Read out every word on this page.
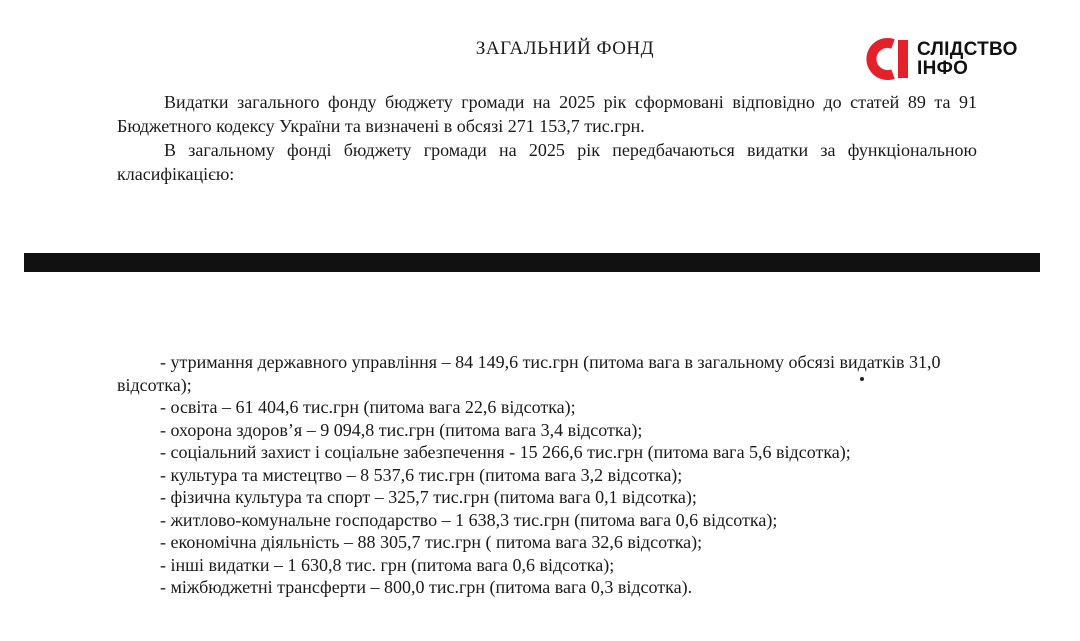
ЗАГАЛЬНИЙ ФОНД	СЛІДСТВО
ІНФО
Видатки загального фонду бюджету громади на 2025 рік сформовані відповідно до статей 89 та 91 Бюджетного кодексу України та визначені в обсязі 271 153,7 тис.грн.
В загальному фонді бюджету громади на 2025 рік передбачаються видатки за функціональною класифікацією:
- утримання державного управління – 84 149,6 тис.грн (питома вага в загальному обсязі видатків 31,0 відсотка);
- освіта – 61 404,6 тис.грн (питома вага 22,6 відсотка);
- охорона здоров’я – 9 094,8 тис.грн (питома вага 3,4 відсотка);
- соціальний захист і соціальне забезпечення - 15 266,6 тис.грн (питома вага 5,6 відсотка);
- культура та мистецтво – 8 537,6 тис.грн (питома вага 3,2 відсотка);
- фізична культура та спорт – 325,7 тис.грн (питома вага 0,1 відсотка);
- житлово-комунальне господарство – 1 638,3 тис.грн (питома вага 0,6 відсотка);
- економічна діяльність – 88 305,7 тис.грн ( питома вага 32,6 відсотка);
- інші видатки – 1 630,8 тис. грн (питома вага 0,6 відсотка);
- міжбюджетні трансферти – 800,0 тис.грн (питома вага 0,3 відсотка).
